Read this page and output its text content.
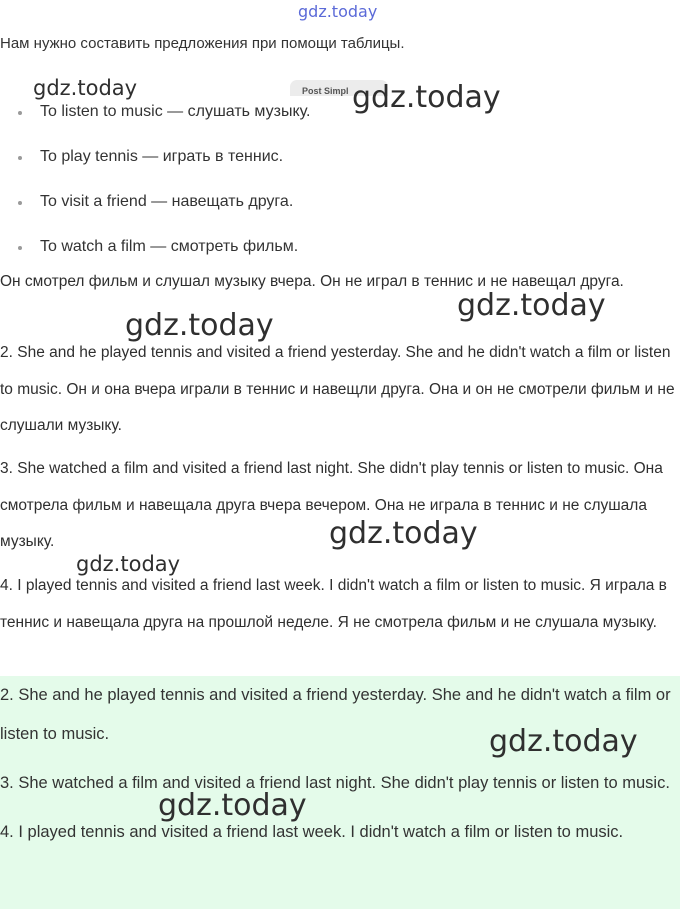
gdz.today
Нам нужно составить предложения при помощи таблицы.
Post Simpl
To listen to music — слушать музыку.
To play tennis — играть в теннис.
To visit a friend — навещать друга.
To watch a film — смотреть фильм.

Он смотрел фильм и слушал музыку вчера. Он не играл в теннис и не навещал друга.

2. She and he played tennis and visited a friend yesterday. She and he didn't watch a film or listen to music. Он и она вчера играли в теннис и навещли друга. Она и он не смотрели фильм и не слушали музыку.

3. She watched a film and visited a friend last night. She didn't play tennis or listen to music. Она смотрела фильм и навещала друга вчера вечером. Она не играла в теннис и не слушала музыку.

4. I played tennis and visited a friend last week. I didn't watch a film or listen to music. Я играла в теннис и навещала друга на прошлой неделе. Я не смотрела фильм и не слушала музыку.

2. She and he played tennis and visited a friend yesterday. She and he didn't watch a film or listen to music.

3. She watched a film and visited a friend last night. She didn't play tennis or listen to music.

4. I played tennis and visited a friend last week. I didn't watch a film or listen to music.

gdz.today	gdz.today
gdz.today
gdz.today
gdz.today
gdz.today
gdz.today
gdz.today
